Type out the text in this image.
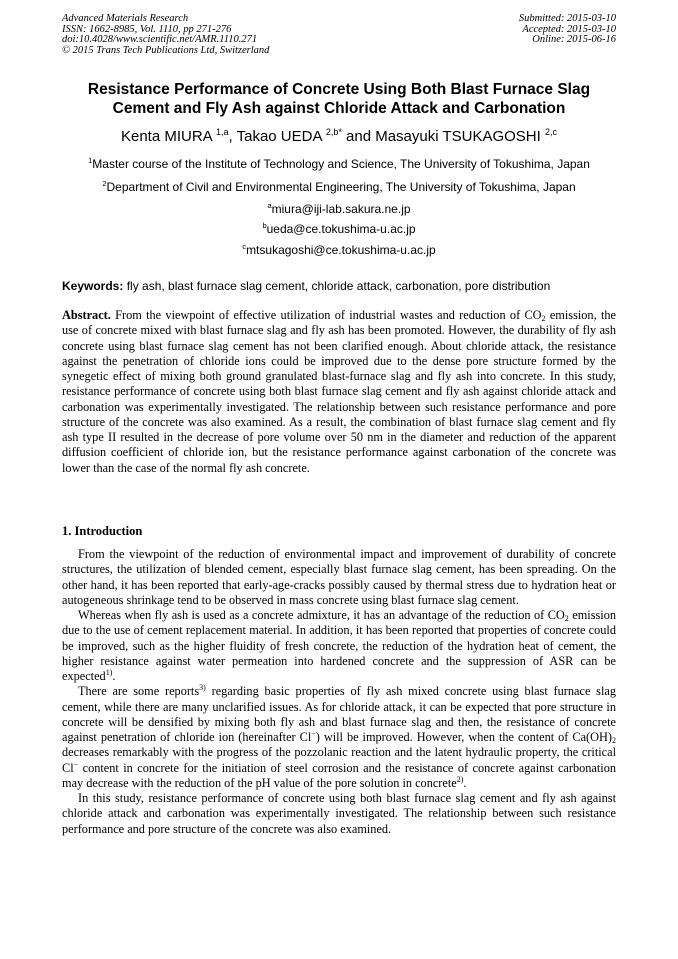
Advanced Materials Research
ISSN: 1662-8985, Vol. 1110, pp 271-276
doi:10.4028/www.scientific.net/AMR.1110.271
© 2015 Trans Tech Publications Ltd, Switzerland
Submitted: 2015-03-10
Accepted: 2015-03-10
Online: 2015-06-16
Resistance Performance of Concrete Using Both Blast Furnace Slag
Cement and Fly Ash against Chloride Attack and Carbonation
Kenta MIURA $^{1,a}$, Takao UEDA $^{2,b*}$ and Masayuki TSUKAGOSHI $^{2,c}$
$^1$Master course of the Institute of Technology and Science, The University of Tokushima, Japan
$^2$Department of Civil and Environmental Engineering, The University of Tokushima, Japan
$^a$miura@iji-lab.sakura.ne.jp
$^b$ueda@ce.tokushima-u.ac.jp
$^c$mtsukagoshi@ce.tokushima-u.ac.jp
Keywords: fly ash, blast furnace slag cement, chloride attack, carbonation, pore distribution

Abstract. From the viewpoint of effective utilization of industrial wastes and reduction of $CO_2$ emission, the use of concrete mixed with blast furnace slag and fly ash has been promoted. However, the durability of fly ash concrete using blast furnace slag cement has not been clarified enough. About chloride attack, the resistance against the penetration of chloride ions could be improved due to the dense pore structure formed by the synegetic effect of mixing both ground granulated blast-furnace slag and fly ash into concrete. In this study, resistance performance of concrete using both blast furnace slag cement and fly ash against chloride attack and carbonation was experimentally investigated. The relationship between such resistance performance and pore structure of the concrete was also examined. As a result, the combination of blast furnace slag cement and fly ash type II resulted in the decrease of pore volume over 50 nm in the diameter and reduction of the apparent diffusion coefficient of chloride ion, but the resistance performance against carbonation of the concrete was lower than the case of the normal fly ash concrete.

1. Introduction

From the viewpoint of the reduction of environmental impact and improvement of durability of concrete structures, the utilization of blended cement, especially blast furnace slag cement, has been spreading. On the other hand, it has been reported that early-age-cracks possibly caused by thermal stress due to hydration heat or autogeneous shrinkage tend to be observed in mass concrete using blast furnace slag cement.

Whereas when fly ash is used as a concrete admixture, it has an advantage of the reduction of $CO_2$ emission due to the use of cement replacement material. In addition, it has been reported that properties of concrete could be improved, such as the higher fluidity of fresh concrete, the reduction of the hydration heat of cement, the higher resistance against water permeation into hardened concrete and the suppression of ASR can be expected$^{1)}$.

There are some reports$^{3)}$ regarding basic properties of fly ash mixed concrete using blast furnace slag cement, while there are many unclarified issues. As for chloride attack, it can be expected that pore structure in concrete will be densified by mixing both fly ash and blast furnace slag and then, the resistance of concrete against penetration of chloride ion (hereinafter Cl−) will be improved. However, when the content of $Ca(OH)_2$ decreases remarkably with the progress of the pozzolanic reaction and the latent hydraulic property, the critical Cl− content in concrete for the initiation of steel corrosion and the resistance of concrete against carbonation may decrease with the reduction of the pH value of the pore solution in concrete$^{2)}$.

In this study, resistance performance of concrete using both blast furnace slag cement and fly ash against chloride attack and carbonation was experimentally investigated. The relationship between such resistance performance and pore structure of the concrete was also examined.
